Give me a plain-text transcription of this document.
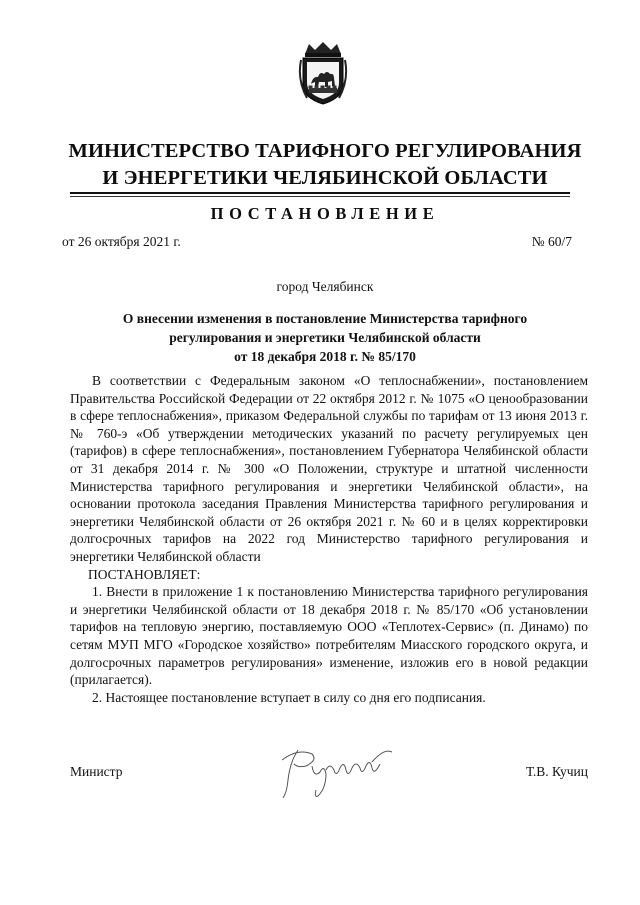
МИНИСТЕРСТВО ТАРИФНОГО РЕГУЛИРОВАНИЯ
И ЭНЕРГЕТИКИ ЧЕЛЯБИНСКОЙ ОБЛАСТИ
ПОСТАНОВЛЕНИЕ
от 26 октября 2021 г.	№ 60/7
город Челябинск
О внесении изменения в постановление Министерства тарифного
регулирования и энергетики Челябинской области
от 18 декабря 2018 г. № 85/170

В соответствии с Федеральным законом «О теплоснабжении», постановлением Правительства Российской Федерации от 22 октября 2012 г. № 1075 «О ценообразовании в сфере теплоснабжения», приказом Федеральной службы по тарифам от 13 июня 2013 г. № 760-э «Об утверждении методических указаний по расчету регулируемых цен (тарифов) в сфере теплоснабжения», постановлением Губернатора Челябинской области от 31 декабря 2014 г. № 300 «О Положении, структуре и штатной численности Министерства тарифного регулирования и энергетики Челябинской области», на основании протокола заседания Правления Министерства тарифного регулирования и энергетики Челябинской области от 26 октября 2021 г. № 60 и в целях корректировки долгосрочных тарифов на 2022 год Министерство тарифного регулирования и энергетики Челябинской области

ПОСТАНОВЛЯЕТ:

1. Внести в приложение 1 к постановлению Министерства тарифного регулирования и энергетики Челябинской области от 18 декабря 2018 г. № 85/170 «Об установлении тарифов на тепловую энергию, поставляемую ООО «Теплотех-Сервис» (п. Динамо) по сетям МУП МГО «Городское хозяйство» потребителям Миасского городского округа, и долгосрочных параметров регулирования» изменение, изложив его в новой редакции (прилагается).

2. Настоящее постановление вступает в силу со дня его подписания.

Министр	Т.В. Кучиц
